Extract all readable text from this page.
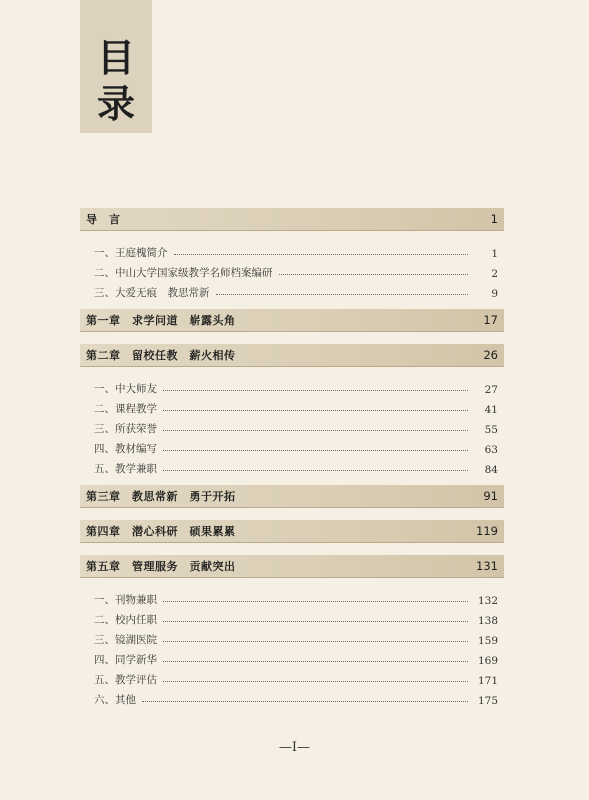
目
录
导　言	1
一、王庭槐简介	1
二、中山大学国家级教学名师档案编研	2
三、大爱无痕　教思常新	9
第一章　求学问道　崭露头角	17
第二章　留校任教　薪火相传	26
一、中大师友	27
二、课程教学	41
三、所获荣誉	55
四、教材编写	63
五、教学兼职	84
第三章　教思常新　勇于开拓	91
第四章　潜心科研　硕果累累	119
第五章　管理服务　贡献突出	131
一、刊物兼职	132
二、校内任职	138
三、镜湖医院	159
四、同学新华	169
五、教学评估	171
六、其他	175
—I—
